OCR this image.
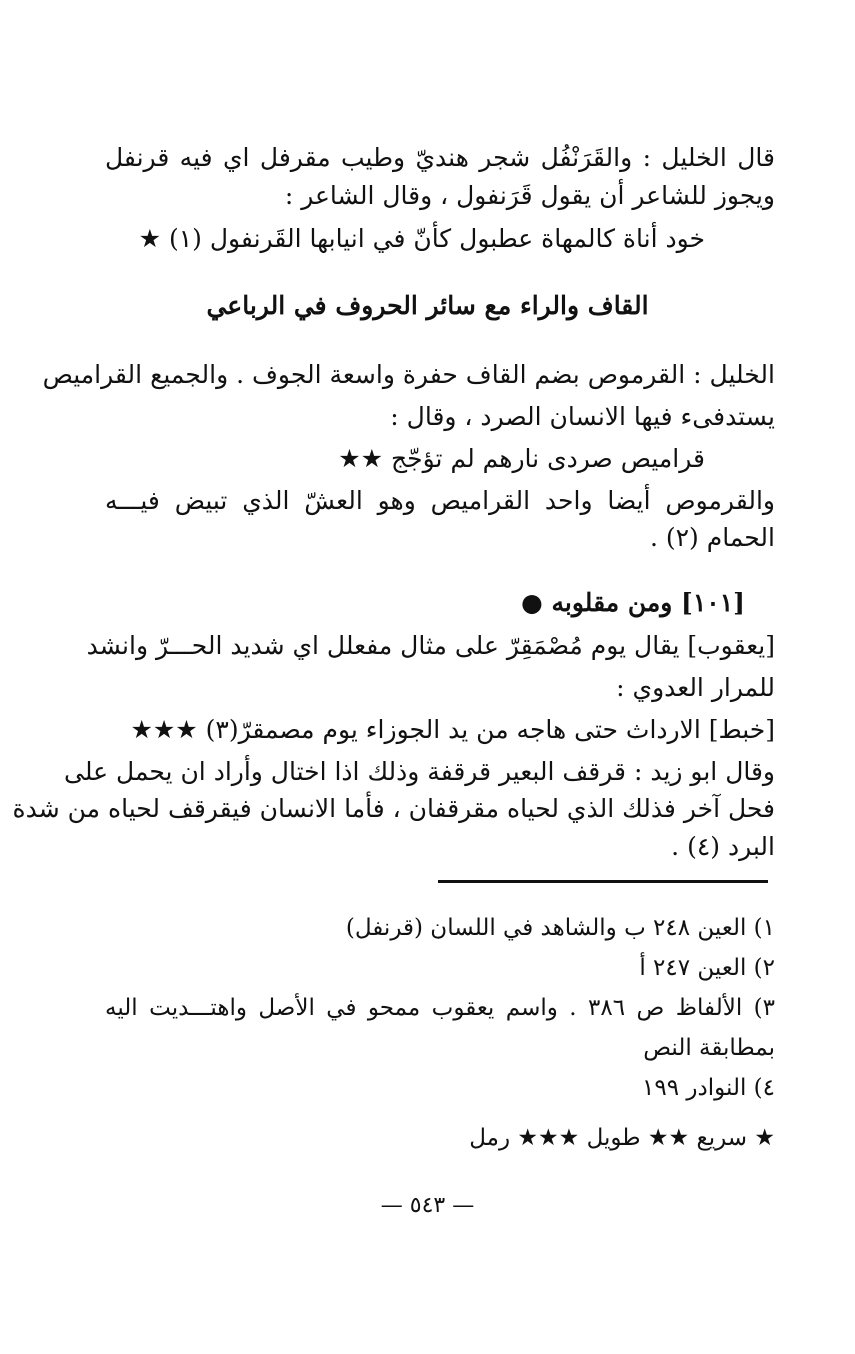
قال الخليل : والقَرَنْفُل شجر هنديّ وطيب مقرفل اي فيه قرنفل
ويجوز للشاعر أن يقول قَرَنفول ، وقال الشاعر :
خود أناة كالمهاة عطبول كأنّ في انيابها القَرنفول (١) ★
القاف والراء مع سائر الحروف في الرباعي
الخليل : القرموص بضم القاف حفرة واسعة الجوف . والجميع القراميص
يستدفىء فيها الانسان الصرد ، وقال :
قراميص صردى نارهم لم تؤجّج ★★
والقرموص أيضا واحد القراميص وهو العشّ الذي تبيض فيـــه
الحمام (٢) .
[١٠١] ومن مقلوبه ●
[يعقوب] يقال يوم مُصْمَقِرّ على مثال مفعلل اي شديد الحـــرّ وانشد
للمرار العدوي :
[خبط] الارداث حتى هاجه من يد الجوزاء يوم مصمقرّ(٣) ★★★
وقال ابو زيد : قرقف البعير قرقفة وذلك اذا اختال وأراد ان يحمل على
فحل آخر فذلك الذي لحياه مقرقفان ، فأما الانسان فيقرقف لحياه من شدة
البرد (٤) .
١) العين ٢٤٨ ب والشاهد في اللسان (قرنفل)
٢) العين ٢٤٧ أ
٣) الألفاظ ص ٣٨٦ . واسم يعقوب ممحو في الأصل واهتـــديت اليه
بمطابقة النص
٤) النوادر ١٩٩
★ سريع ★★ طويل ★★★ رمل
— ٥٤٣ —
